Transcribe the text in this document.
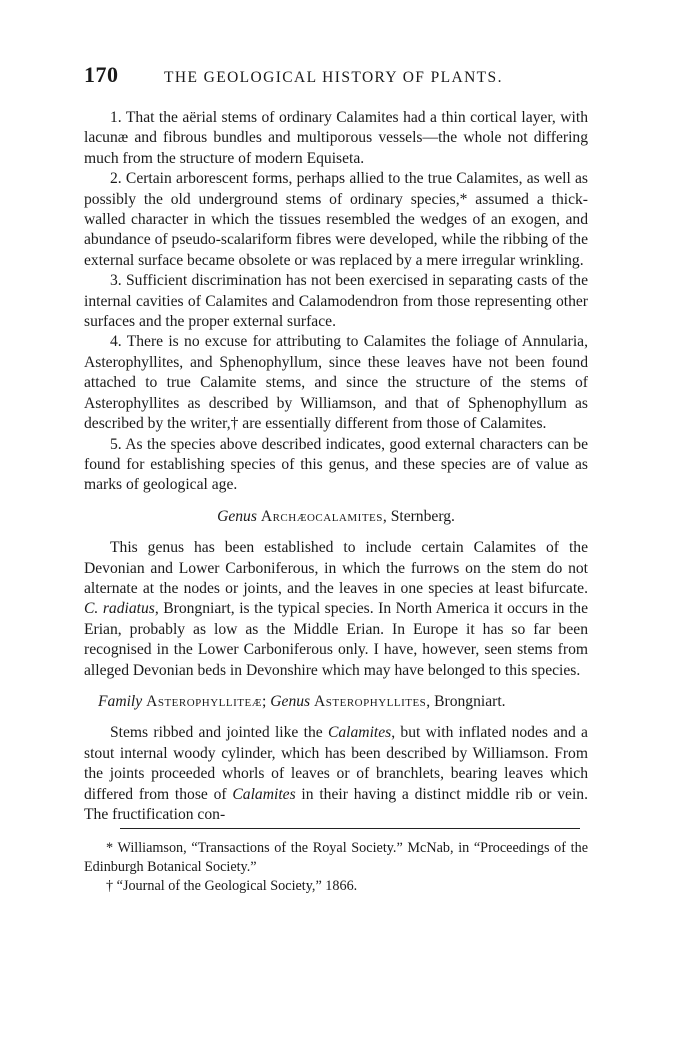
170	THE GEOLOGICAL HISTORY OF PLANTS.

1. That the aërial stems of ordinary Calamites had a thin cortical layer, with lacunæ and fibrous bundles and multiporous vessels—the whole not differing much from the structure of modern Equiseta.

2. Certain arborescent forms, perhaps allied to the true Calamites, as well as possibly the old underground stems of ordinary species,* assumed a thick-walled character in which the tissues resembled the wedges of an exogen, and abundance of pseudo-scalariform fibres were developed, while the ribbing of the external surface became obsolete or was replaced by a mere irregular wrinkling.

3. Sufficient discrimination has not been exercised in separating casts of the internal cavities of Calamites and Calamodendron from those representing other surfaces and the proper external surface.

4. There is no excuse for attributing to Calamites the foliage of Annularia, Asterophyllites, and Sphenophyllum, since these leaves have not been found attached to true Calamite stems, and since the structure of the stems of Asterophyllites as described by Williamson, and that of Sphenophyllum as described by the writer,† are essentially different from those of Calamites.

5. As the species above described indicates, good external characters can be found for establishing species of this genus, and these species are of value as marks of geological age.

Genus Archæocalamites, Sternberg.

This genus has been established to include certain Calamites of the Devonian and Lower Carboniferous, in which the furrows on the stem do not alternate at the nodes or joints, and the leaves in one species at least bifurcate. C. radiatus, Brongniart, is the typical species. In North America it occurs in the Erian, probably as low as the Middle Erian. In Europe it has so far been recognised in the Lower Carboniferous only. I have, however, seen stems from alleged Devonian beds in Devonshire which may have belonged to this species.

Family Asterophylliteæ; Genus Asterophyllites, Brongniart.

Stems ribbed and jointed like the Calamites, but with inflated nodes and a stout internal woody cylinder, which has been described by Williamson. From the joints proceeded whorls of leaves or of branchlets, bearing leaves which differed from those of Calamites in their having a distinct middle rib or vein. The fructification con-

* Williamson, “Transactions of the Royal Society.” McNab, in “Proceedings of the Edinburgh Botanical Society.”

† “Journal of the Geological Society,” 1866.
